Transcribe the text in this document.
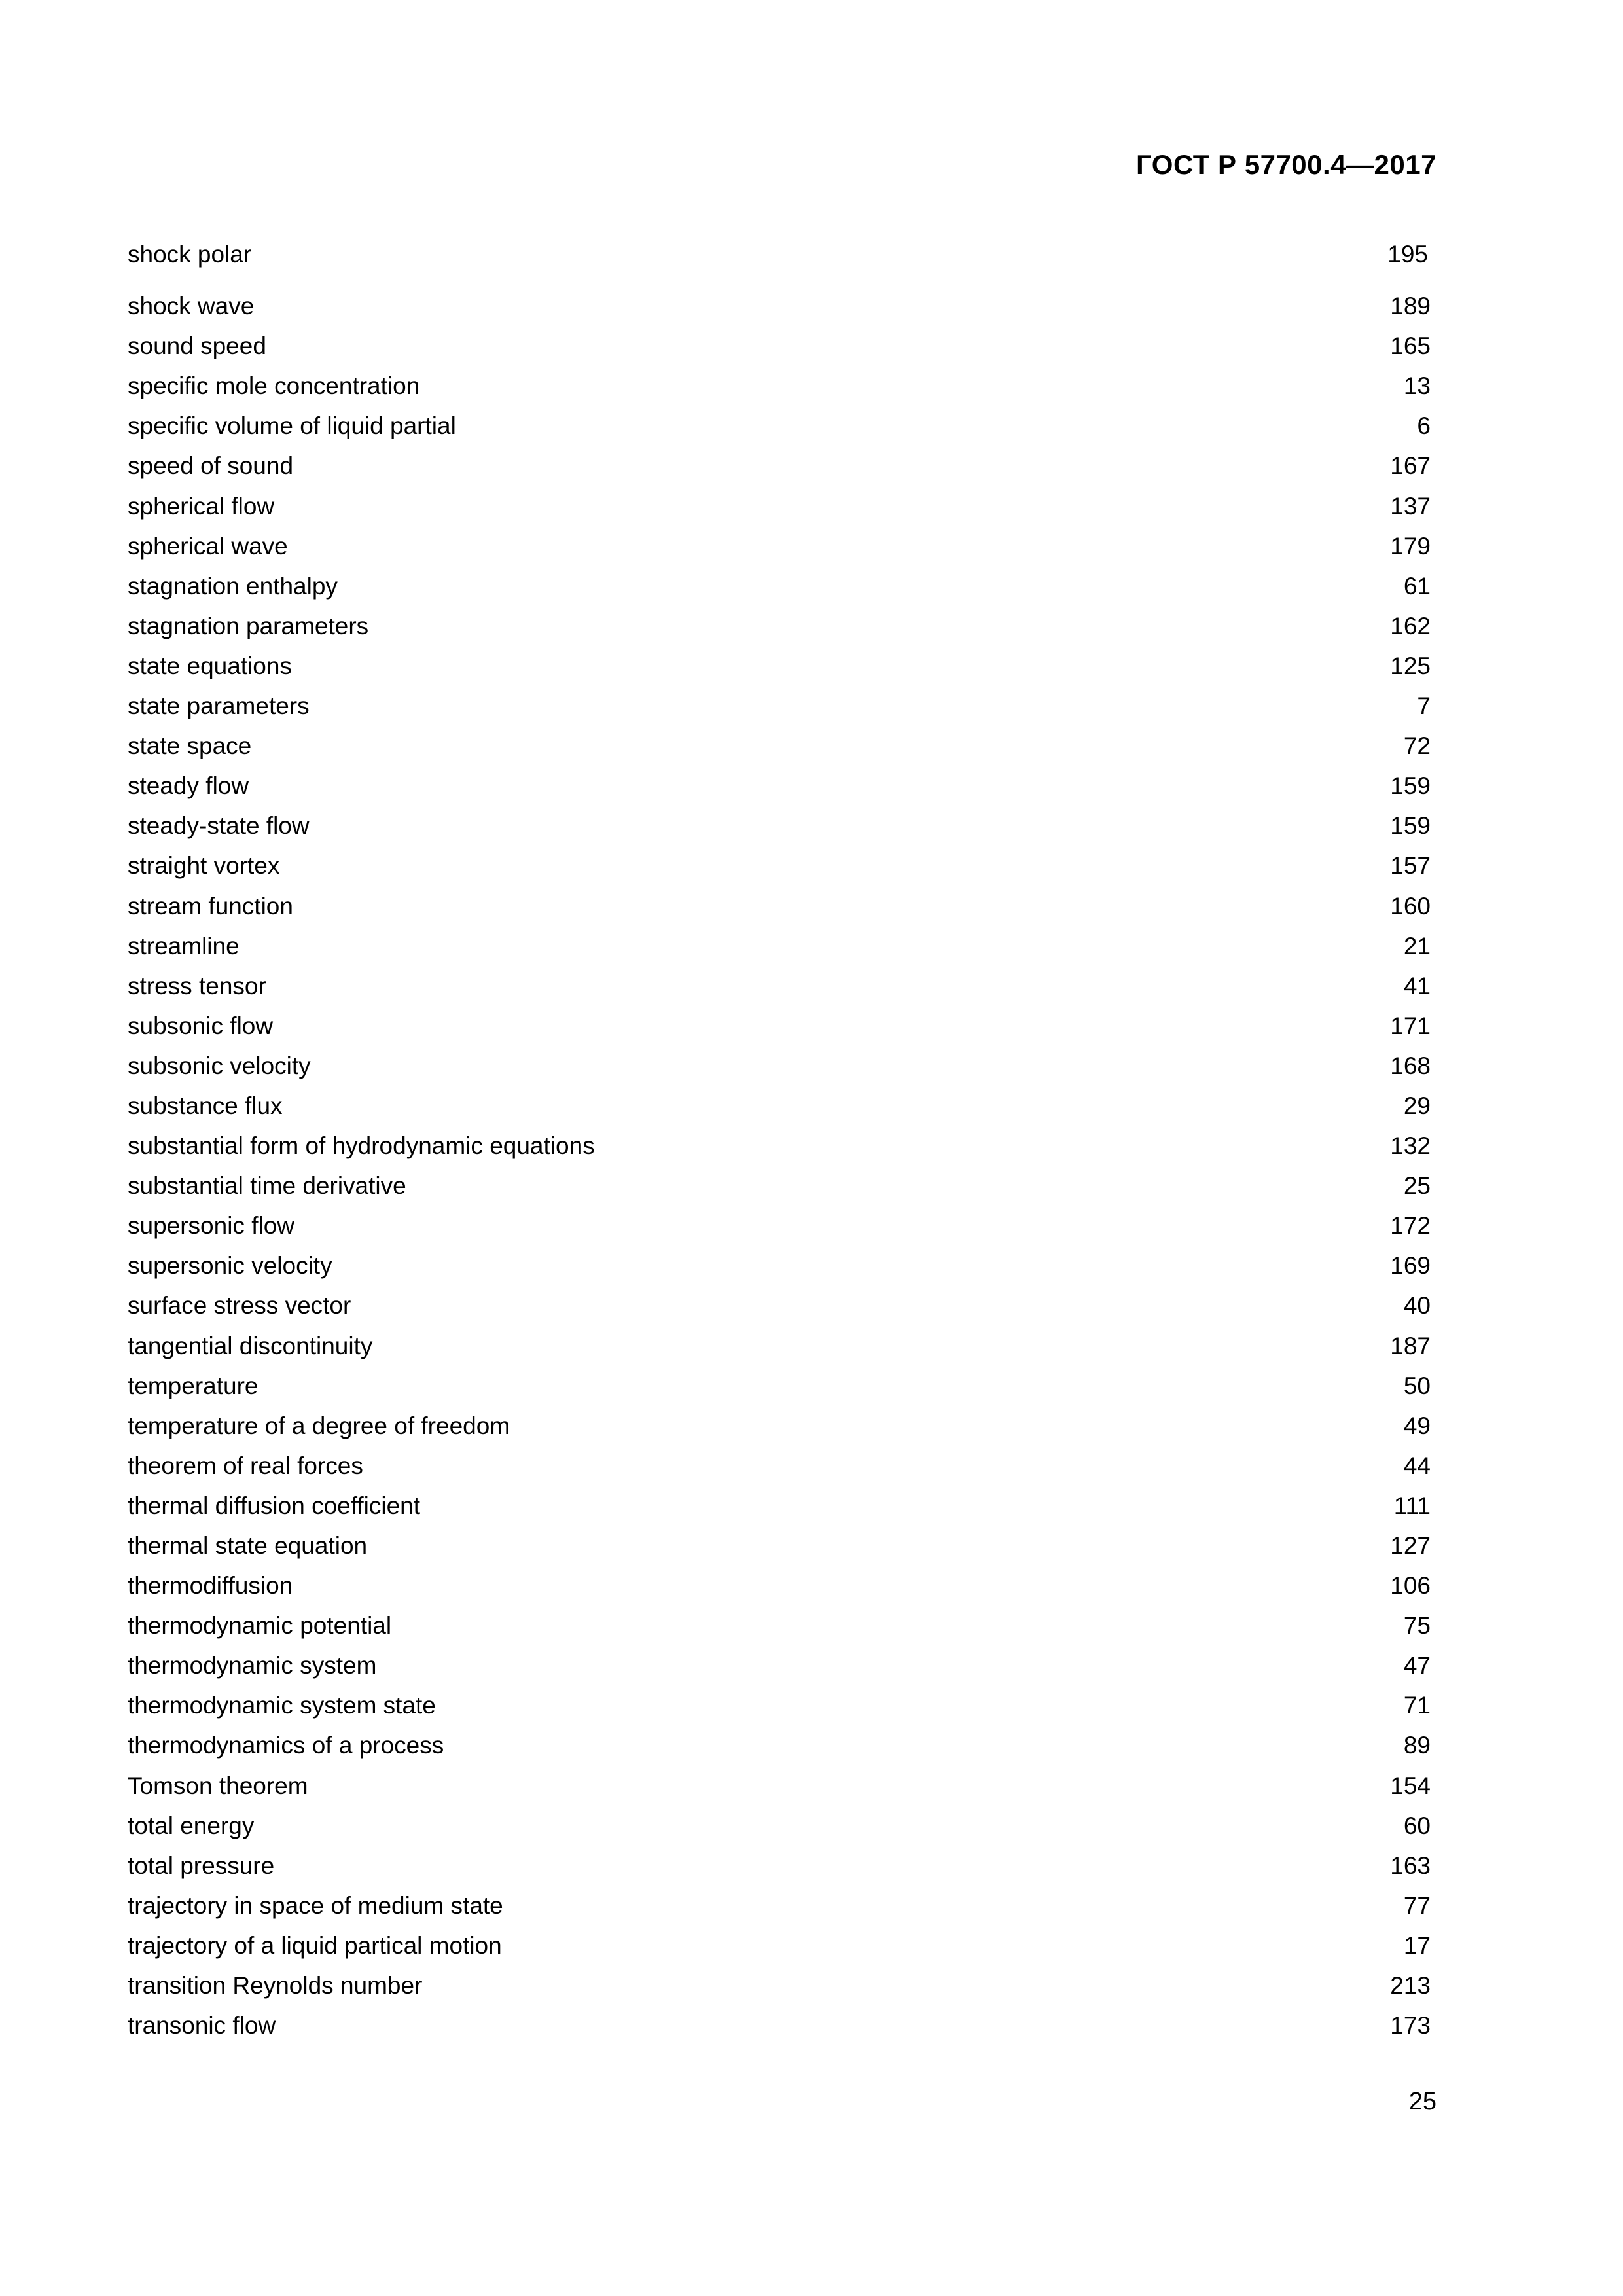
ГОСТ Р 57700.4—2017
shock polar	195
shock wave	189
sound speed	165
specific mole concentration	13
specific volume of liquid partial	6
speed of sound	167
spherical flow	137
spherical wave	179
stagnation enthalpy	61
stagnation parameters	162
state equations	125
state parameters	7
state space	72
steady flow	159
steady-state flow	159
straight vortex	157
stream function	160
streamline	21
stress tensor	41
subsonic flow	171
subsonic velocity	168
substance flux	29
substantial form of hydrodynamic equations	132
substantial time derivative	25
supersonic flow	172
supersonic velocity	169
surface stress vector	40
tangential discontinuity	187
temperature	50
temperature of a degree of freedom	49
theorem of real forces	44
thermal diffusion coefficient	111
thermal state equation	127
thermodiffusion	106
thermodynamic potential	75
thermodynamic system	47
thermodynamic system state	71
thermodynamics of a process	89
Tomson theorem	154
total energy	60
total pressure	163
trajectory in space of medium state	77
trajectory of a liquid partical motion	17
transition Reynolds number	213
transonic flow	173
25
